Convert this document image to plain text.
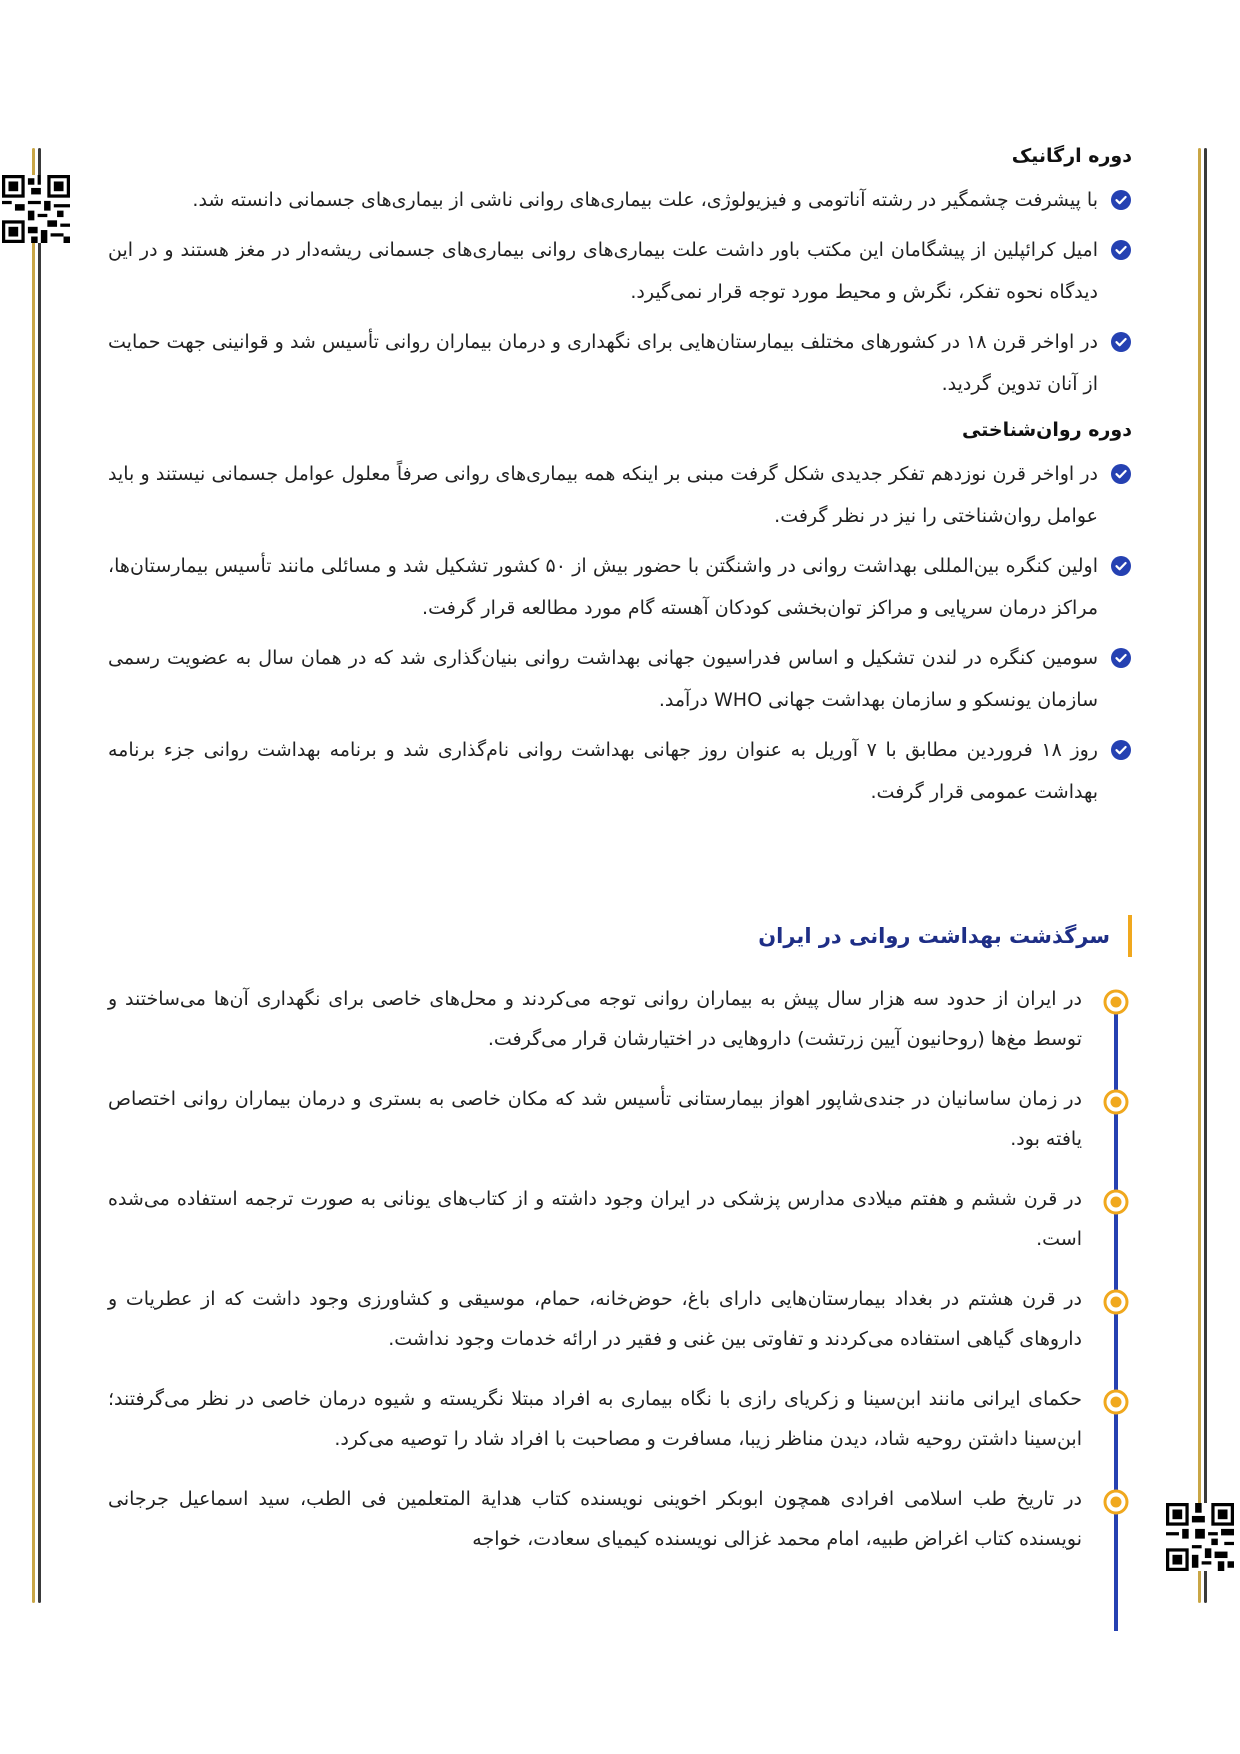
دوره ارگانیک
با پیشرفت چشمگیر در رشته آناتومی و فیزیولوژی، علت بیماری‌های روانی ناشی از بیماری‌های جسمانی دانسته شد.
امیل کرائپلین از پیشگامان این مکتب باور داشت علت بیماری‌های روانی بیماری‌های جسمانی ریشه‌دار در مغز هستند و در این دیدگاه نحوه تفکر، نگرش و محیط مورد توجه قرار نمی‌گیرد.
در اواخر قرن ۱۸ در کشورهای مختلف بیمارستان‌هایی برای نگهداری و درمان بیماران روانی تأسیس شد و قوانینی جهت حمایت از آنان تدوین گردید.
دوره روان‌شناختی
در اواخر قرن نوزدهم تفکر جدیدی شکل گرفت مبنی بر اینکه همه بیماری‌های روانی صرفاً معلول عوامل جسمانی نیستند و باید عوامل روان‌شناختی را نیز در نظر گرفت.
اولین کنگره بین‌المللی بهداشت روانی در واشنگتن با حضور بیش از ۵۰ کشور تشکیل شد و مسائلی مانند تأسیس بیمارستان‌ها، مراکز درمان سرپایی و مراکز توان‌بخشی کودکان آهسته گام مورد مطالعه قرار گرفت.
سومین کنگره در لندن تشکیل و اساس فدراسیون جهانی بهداشت روانی بنیان‌گذاری شد که در همان سال به عضویت رسمی سازمان یونسکو و سازمان بهداشت جهانی WHO درآمد.
روز ۱۸ فروردین مطابق با ۷ آوریل به عنوان روز جهانی بهداشت روانی نام‌گذاری شد و برنامه بهداشت روانی جزء برنامه بهداشت عمومی قرار گرفت.
سرگذشت بهداشت روانی در ایران
در ایران از حدود سه هزار سال پیش به بیماران روانی توجه می‌کردند و محل‌های خاصی برای نگهداری آن‌ها می‌ساختند و توسط مغ‌ها (روحانیون آیین زرتشت) داروهایی در اختیارشان قرار می‌گرفت.
در زمان ساسانیان در جندی‌شاپور اهواز بیمارستانی تأسیس شد که مکان خاصی به بستری و درمان بیماران روانی اختصاص یافته بود.
در قرن ششم و هفتم میلادی مدارس پزشکی در ایران وجود داشته و از کتاب‌های یونانی به صورت ترجمه استفاده می‌شده است.
در قرن هشتم در بغداد بیمارستان‌هایی دارای باغ، حوض‌خانه، حمام، موسیقی و کشاورزی وجود داشت که از عطریات و داروهای گیاهی استفاده می‌کردند و تفاوتی بین غنی و فقیر در ارائه خدمات وجود نداشت.
حکمای ایرانی مانند ابن‌سینا و زکریای رازی با نگاه بیماری به افراد مبتلا نگریسته و شیوه درمان خاصی در نظر می‌گرفتند؛ ابن‌سینا داشتن روحیه شاد، دیدن مناظر زیبا، مسافرت و مصاحبت با افراد شاد را توصیه می‌کرد.
در تاریخ طب اسلامی افرادی همچون ابوبکر اخوینی نویسنده کتاب هدایة المتعلمین فی الطب، سید اسماعیل جرجانی نویسنده کتاب اغراض طبیه، امام محمد غزالی نویسنده کیمیای سعادت، خواجه
